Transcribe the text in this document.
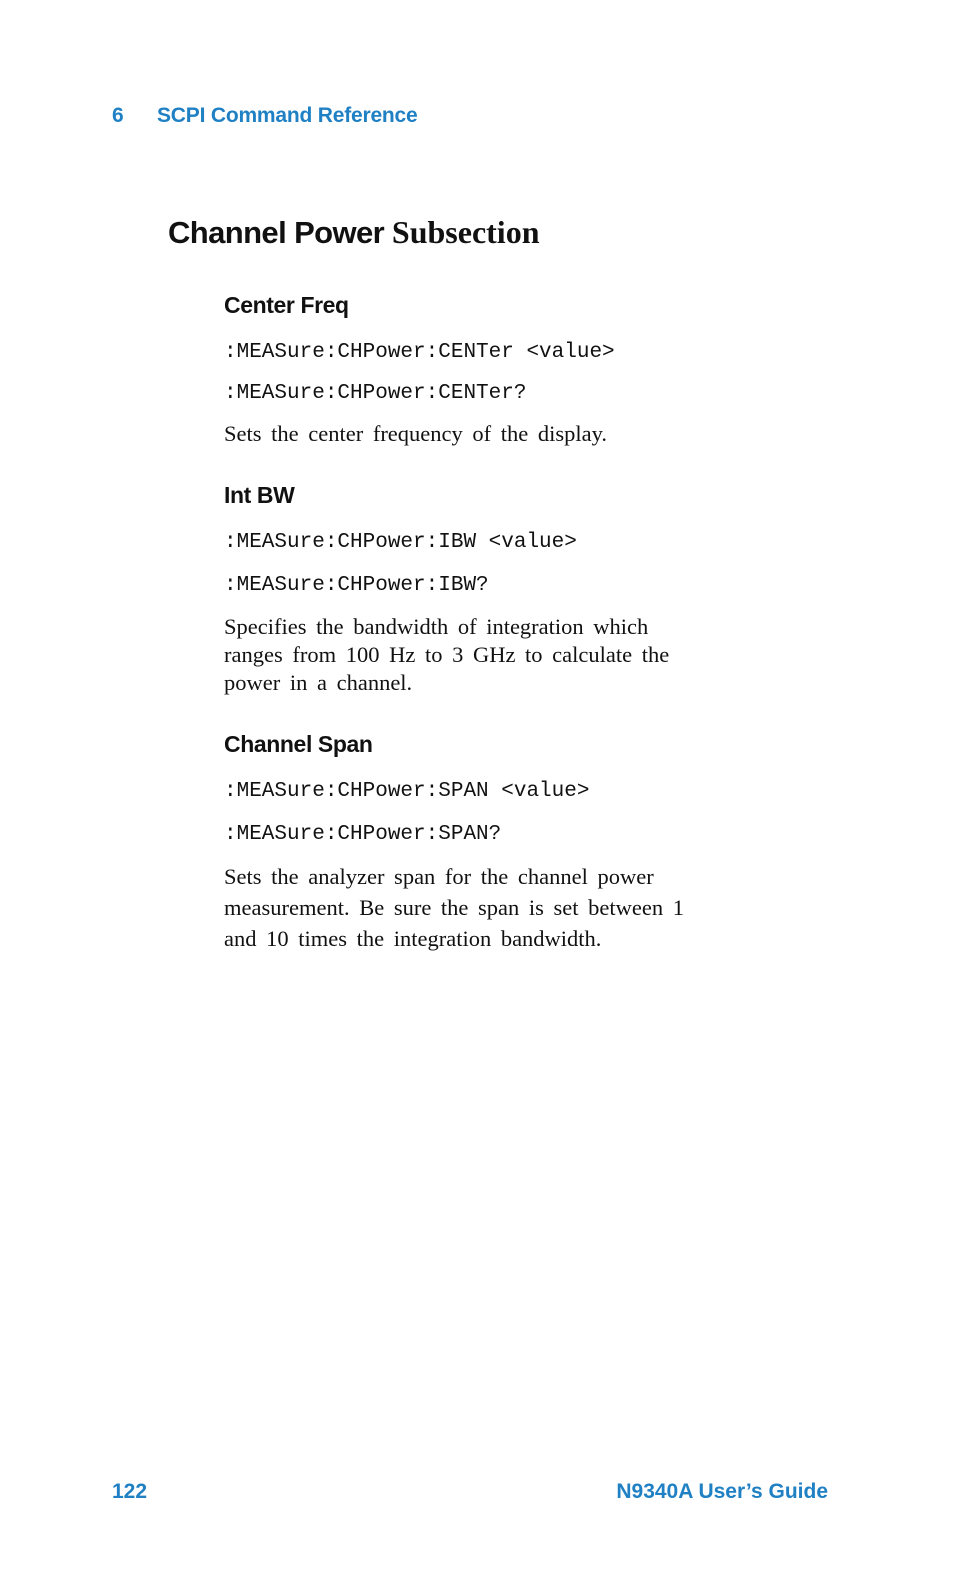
6 SCPI Command Reference
Channel Power Subsection
Center Freq

:MEASure:CHPower:CENTer <value>

:MEASure:CHPower:CENTer?

Sets the center frequency of the display.

Int BW

:MEASure:CHPower:IBW <value>

:MEASure:CHPower:IBW?

Specifies the bandwidth of integration which
ranges from 100 Hz to 3 GHz to calculate the
power in a channel.
Channel Span

:MEASure:CHPower:SPAN <value>

:MEASure:CHPower:SPAN?

Sets the analyzer span for the channel power
measurement. Be sure the span is set between 1
and 10 times the integration bandwidth.
122	N9340A User’s Guide
